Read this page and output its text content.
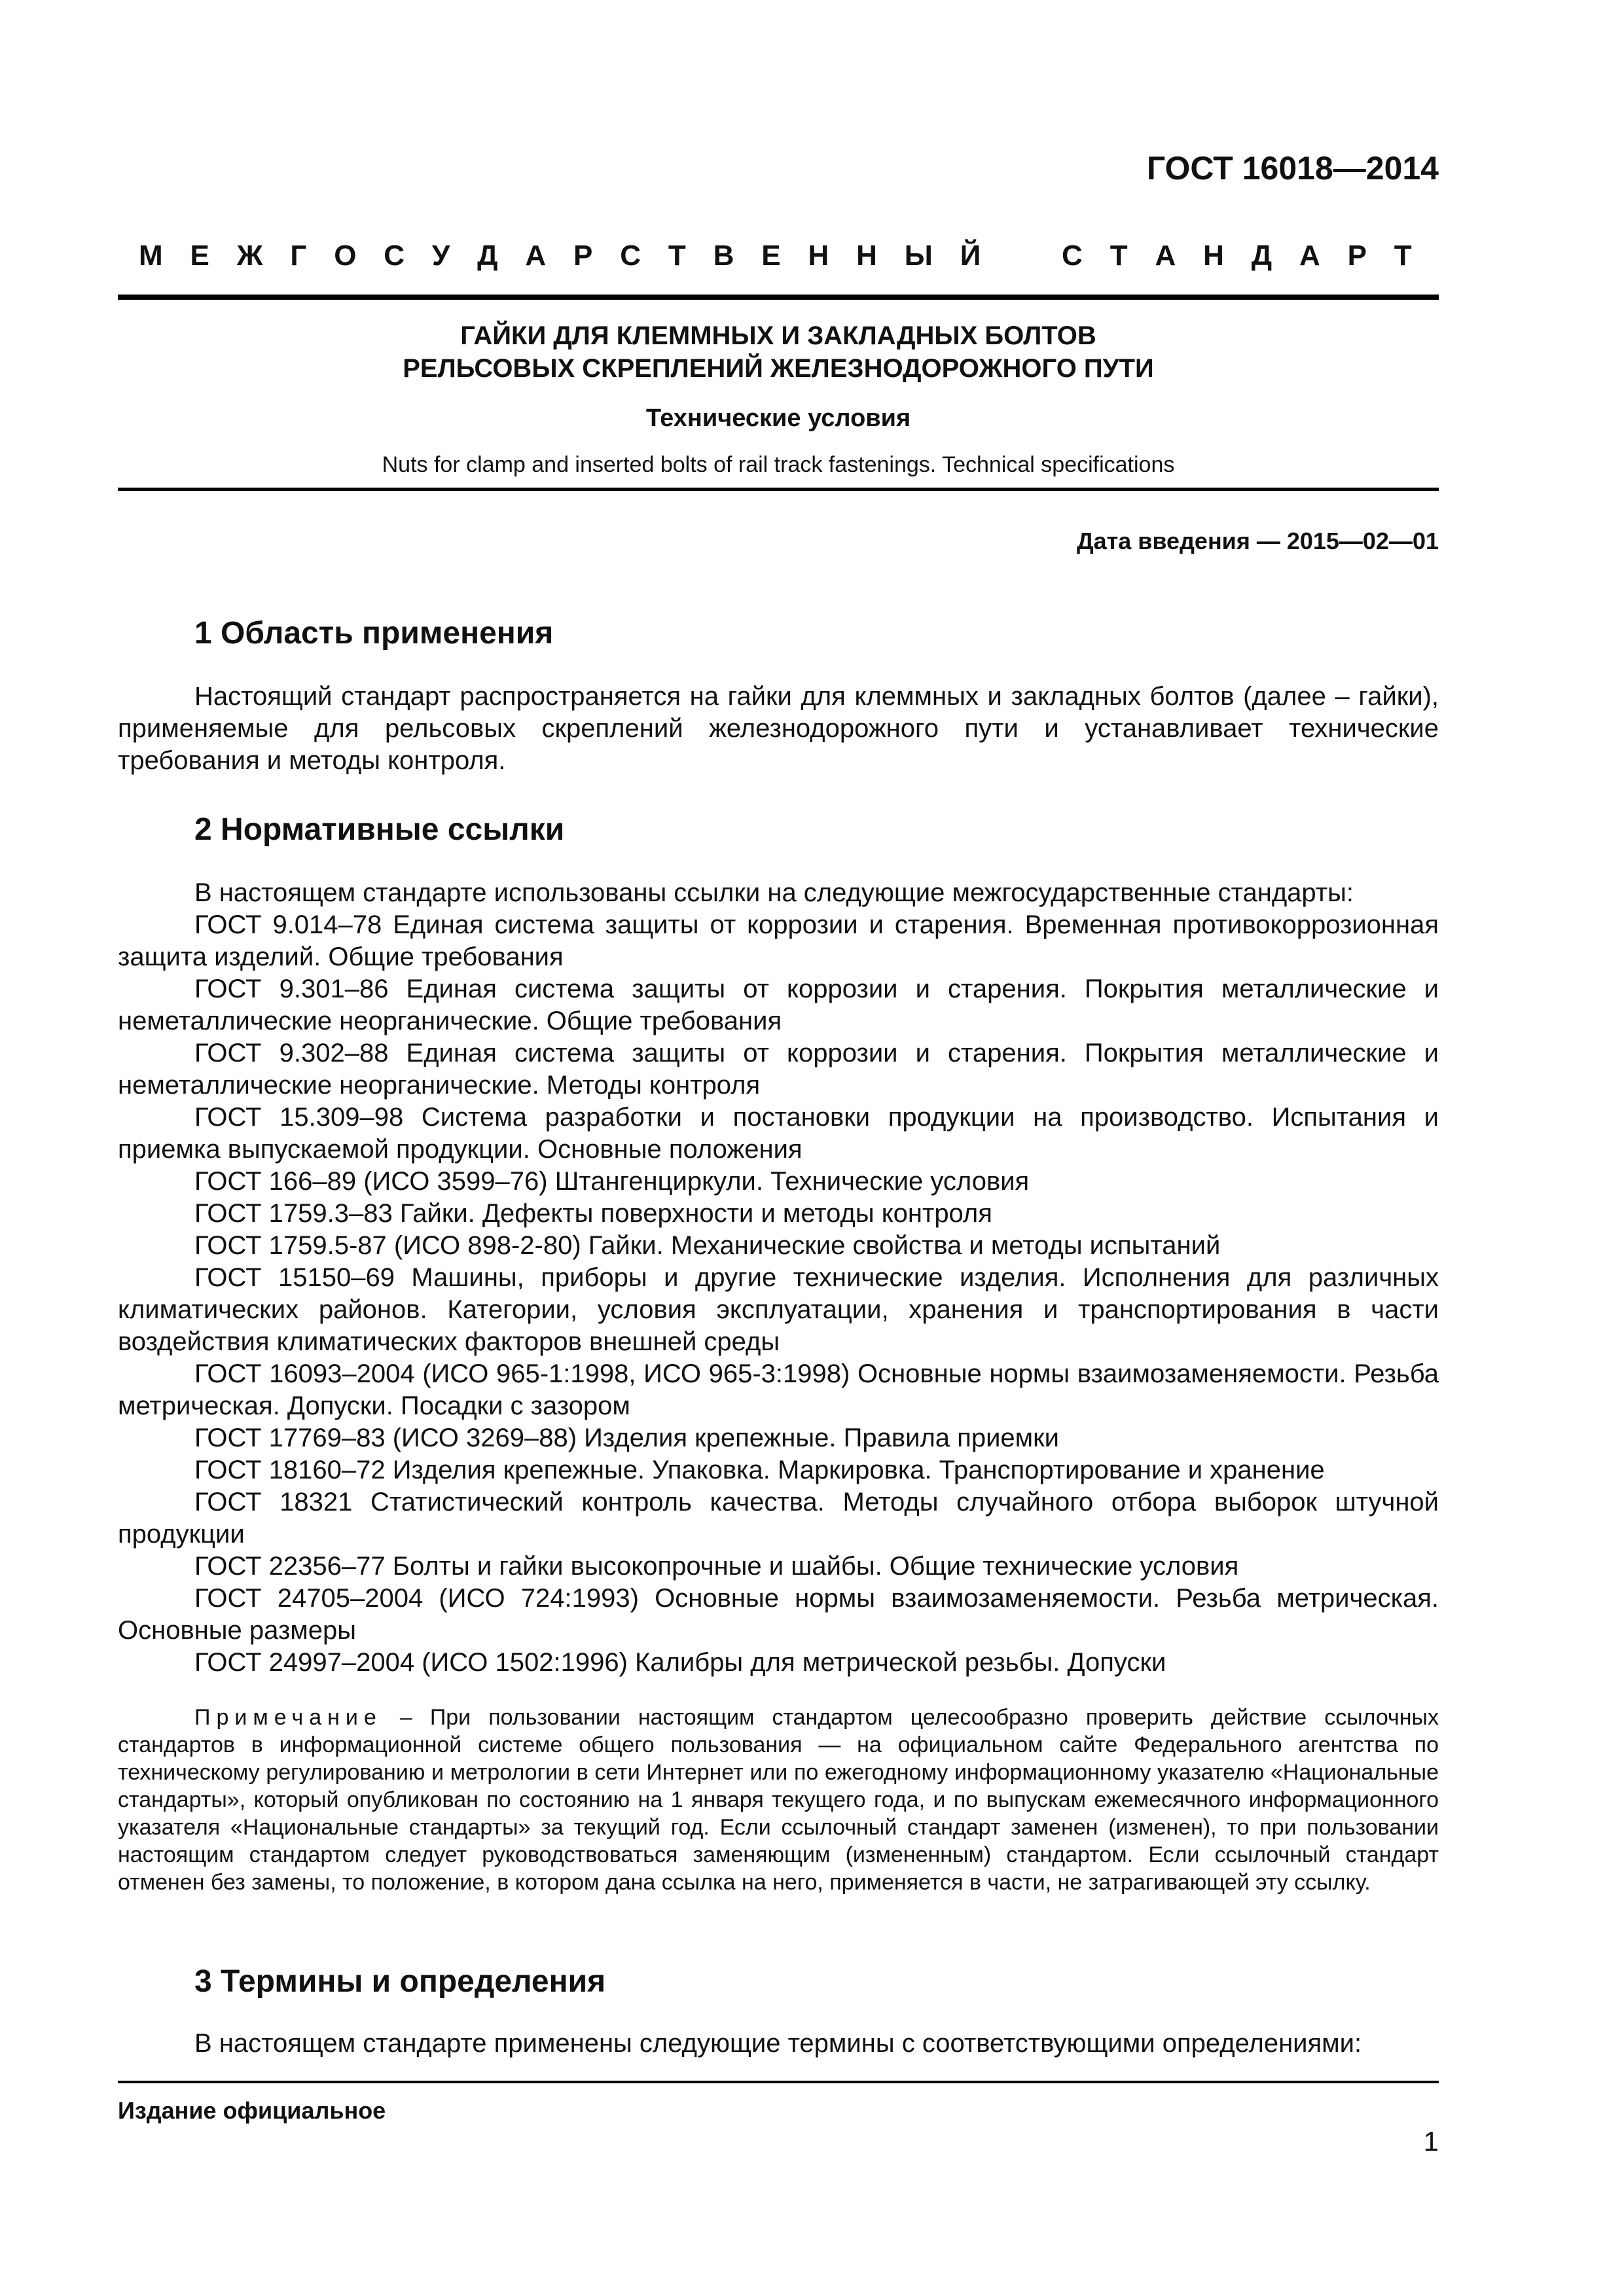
ГОСТ 16018—2014
М Е Ж Г О С У Д А Р С Т В Е Н Н Ы Й	С Т А Н Д А Р Т
ГАЙКИ ДЛЯ КЛЕММНЫХ И ЗАКЛАДНЫХ БОЛТОВ
РЕЛЬСОВЫХ СКРЕПЛЕНИЙ ЖЕЛЕЗНОДОРОЖНОГО ПУТИ
Технические условия
Nuts for clamp and inserted bolts of rail track fastenings. Technical specifications
Дата введения — 2015—02—01
1 Область применения

Настоящий стандарт распространяется на гайки для клеммных и закладных болтов (далее – гайки), применяемые для рельсовых скреплений железнодорожного пути и устанавливает технические требования и методы контроля.

2 Нормативные ссылки

В настоящем стандарте использованы ссылки на следующие межгосударственные стандарты:

ГОСТ 9.014–78 Единая система защиты от коррозии и старения. Временная противокоррозионная защита изделий. Общие требования

ГОСТ 9.301–86 Единая система защиты от коррозии и старения. Покрытия металлические и неметаллические неорганические. Общие требования

ГОСТ 9.302–88 Единая система защиты от коррозии и старения. Покрытия металлические и неметаллические неорганические. Методы контроля

ГОСТ 15.309–98 Система разработки и постановки продукции на производство. Испытания и приемка выпускаемой продукции. Основные положения

ГОСТ 166–89 (ИСО 3599–76) Штангенциркули. Технические условия

ГОСТ 1759.3–83 Гайки. Дефекты поверхности и методы контроля

ГОСТ 1759.5-87 (ИСО 898-2-80) Гайки. Механические свойства и методы испытаний

ГОСТ 15150–69 Машины, приборы и другие технические изделия. Исполнения для различных климатических районов. Категории, условия эксплуатации, хранения и транспортирования в части воздействия климатических факторов внешней среды

ГОСТ 16093–2004 (ИСО 965-1:1998, ИСО 965-3:1998) Основные нормы взаимозаменяемости. Резьба метрическая. Допуски. Посадки с зазором

ГОСТ 17769–83 (ИСО 3269–88) Изделия крепежные. Правила приемки

ГОСТ 18160–72 Изделия крепежные. Упаковка. Маркировка. Транспортирование и хранение

ГОСТ 18321 Статистический контроль качества. Методы случайного отбора выборок штучной продукции

ГОСТ 22356–77 Болты и гайки высокопрочные и шайбы. Общие технические условия

ГОСТ 24705–2004 (ИСО 724:1993) Основные нормы взаимозаменяемости. Резьба метрическая. Основные размеры

ГОСТ 24997–2004 (ИСО 1502:1996) Калибры для метрической резьбы. Допуски

Примечание – При пользовании настоящим стандартом целесообразно проверить действие ссылочных стандартов в информационной системе общего пользования — на официальном сайте Федерального агентства по техническому регулированию и метрологии в сети Интернет или по ежегодному информационному указателю «Национальные стандарты», который опубликован по состоянию на 1 января текущего года, и по выпускам ежемесячного информационного указателя «Национальные стандарты» за текущий год. Если ссылочный стандарт заменен (изменен), то при пользовании настоящим стандартом следует руководствоваться заменяющим (измененным) стандартом. Если ссылочный стандарт отменен без замены, то положение, в котором дана ссылка на него, применяется в части, не затрагивающей эту ссылку.

3 Термины и определения

В настоящем стандарте применены следующие термины с соответствующими определениями:

Издание официальное
1
